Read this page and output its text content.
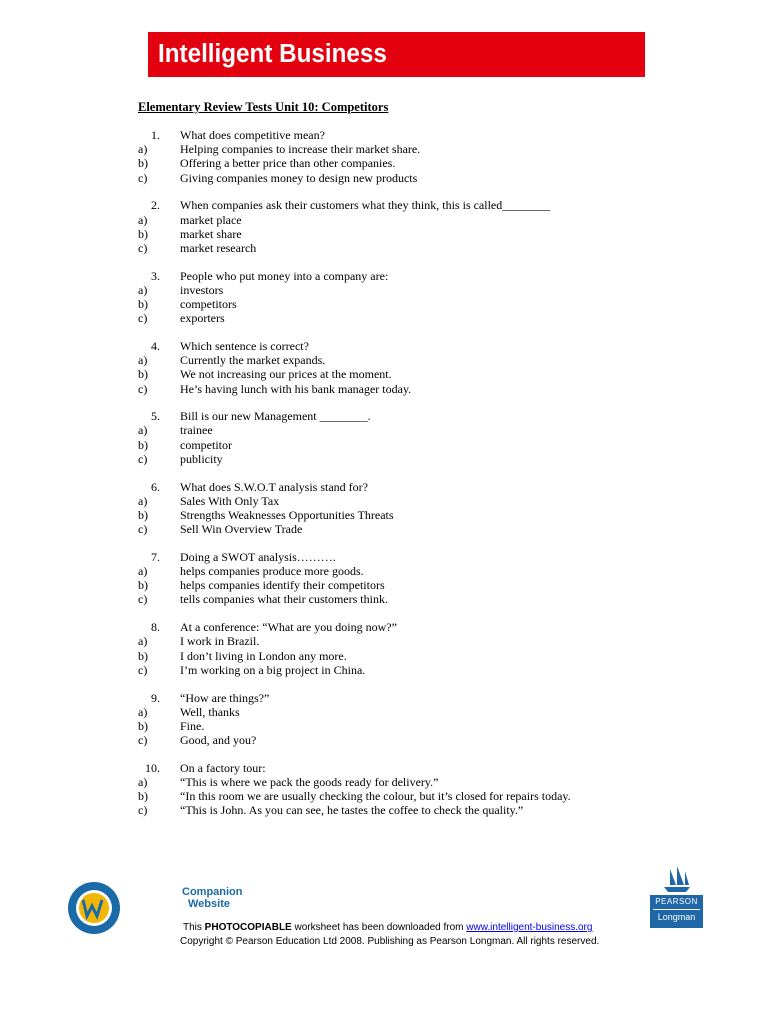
Intelligent Business
Elementary Review Tests Unit 10: Competitors
1.	What does competitive mean?
a)	Helping companies to increase their market share.
b)	Offering a better price than other companies.
c)	Giving companies money to design new products
2.	When companies ask their customers what they think, this is called________
a)	market place
b)	market share
c)	market research
3.	People who put money into a company are:
a)	investors
b)	competitors
c)	exporters
4.	Which sentence is correct?
a)	Currently the market expands.
b)	We not increasing our prices at the moment.
c)	He’s having lunch with his bank manager today.
5.	Bill is our new Management ________.
a)	trainee
b)	competitor
c)	publicity
6.	What does S.W.O.T analysis stand for?
a)	Sales With Only Tax
b)	Strengths Weaknesses Opportunities Threats
c)	Sell Win Overview Trade
7.	Doing a SWOT analysis……….
a)	helps companies produce more goods.
b)	helps companies identify their competitors
c)	tells companies what their customers think.
8.	At a conference: “What are you doing now?”
a)	I work in Brazil.
b)	I don’t living in London any more.
c)	I’m working on a big project in China.
9.	“How are things?”
a)	Well, thanks
b)	Fine.
c)	Good, and you?
10.	On a factory tour:
a)	“This is where we pack the goods ready for delivery.”
b)	“In this room we are usually checking the colour, but it’s closed for repairs today.
c)	“This is John. As you can see, he tastes the coffee to check the quality.”
Companion
Website	PEARSON
Longman
This PHOTOCOPIABLE worksheet has been downloaded from www.intelligent-business.org
Copyright © Pearson Education Ltd 2008. Publishing as Pearson Longman. All rights reserved.
